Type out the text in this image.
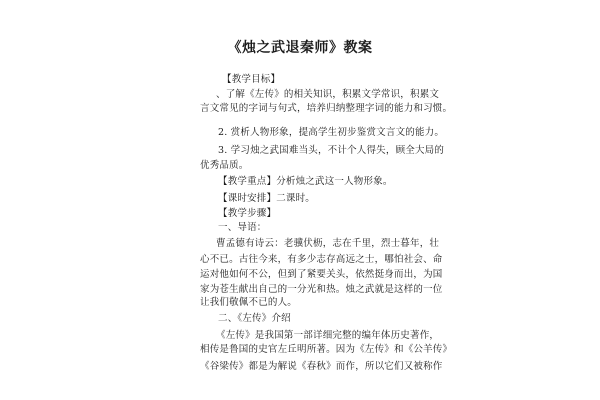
《烛之武退秦师》教案
【教学目标】
、了解《左传》的相关知识，积累文学常识，积累文
言文常见的字词与句式，培养归纳整理字词的能力和习惯。
2. 赏析人物形象，提高学生初步鉴赏文言文的能力。
3. 学习烛之武国难当头，不计个人得失，顾全大局的
优秀品质。
【教学重点】分析烛之武这一人物形象。
【课时安排】二课时。
【教学步骤】
一、导语：
曹孟德有诗云：老骥伏枥，志在千里，烈士暮年，壮
心不已。古往今来，有多少志存高远之士，哪怕社会、命
运对他如何不公，但到了紧要关头，依然挺身而出，为国
家为苍生献出自己的一分光和热。烛之武就是这样的一位
让我们敬佩不已的人。
二、《左传》介绍
《左传》是我国第一部详细完整的编年体历史著作，
相传是鲁国的史官左丘明所著。因为《左传》和《公羊传》
《谷梁传》都是为解说《春秋》而作，所以它们又被称作
